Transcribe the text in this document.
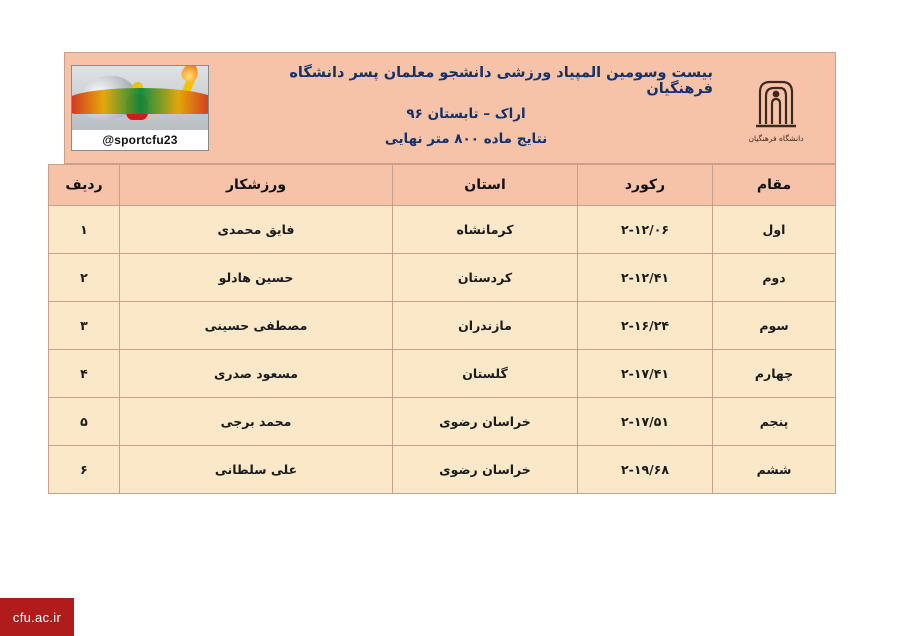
دانشگاه فرهنگیان
بیست وسومین المپیاد ورزشی دانشجو معلمان پسر دانشگاه فرهنگیان
اراک – تابستان ۹۶
نتایج ماده ۸۰۰ متر نهایی
@sportcfu23
مقام	رکورد	استان	ورزشکار	ردیف
اول	۲-۱۲/۰۶	کرمانشاه	فایق محمدی	۱
دوم	۲-۱۲/۴۱	کردستان	حسین هادلو	۲
سوم	۲-۱۶/۲۴	مازندران	مصطفی حسینی	۳
چهارم	۲-۱۷/۴۱	گلستان	مسعود صدری	۴
پنجم	۲-۱۷/۵۱	خراسان رضوی	محمد برجی	۵
ششم	۲-۱۹/۶۸	خراسان رضوی	علی سلطانی	۶
cfu.ac.ir
